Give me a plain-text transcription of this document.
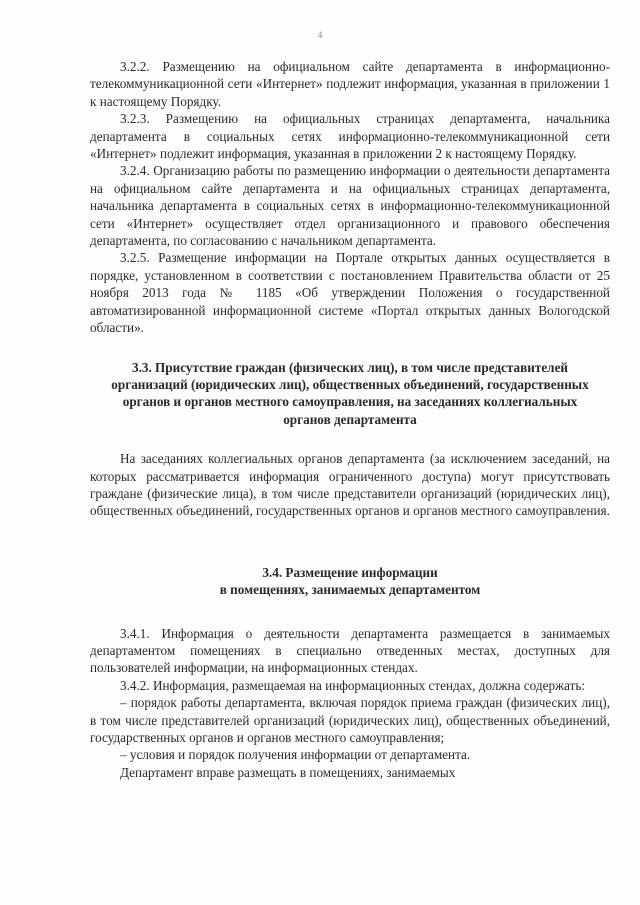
4

3.2.2. Размещению на официальном сайте департамента в информационно-телекоммуникационной сети «Интернет» подлежит информация, указанная в приложении 1 к настоящему Порядку.

3.2.3. Размещению на официальных страницах департамента, начальника департамента в социальных сетях информационно-телекоммуникационной сети «Интернет» подлежит информация, указанная в приложении 2 к настоящему Порядку.

3.2.4. Организацию работы по размещению информации о деятельности департамента на официальном сайте департамента и на официальных страницах департамента, начальника департамента в социальных сетях в информационно-телекоммуникационной сети «Интернет» осуществляет отдел организационного и правового обеспечения департамента, по согласованию с начальником департамента.

3.2.5. Размещение информации на Портале открытых данных осуществляется в порядке, установленном в соответствии с постановлением Правительства области от 25 ноября 2013 года № 1185 «Об утверждении Положения о государственной автоматизированной информационной системе «Портал открытых данных Вологодской области».

3.3. Присутствие граждан (физических лиц), в том числе представителей организаций (юридических лиц), общественных объединений, государственных органов и органов местного самоуправления, на заседаниях коллегиальных органов департамента

На заседаниях коллегиальных органов департамента (за исключением заседаний, на которых рассматривается информация ограниченного доступа) могут присутствовать граждане (физические лица), в том числе представители организаций (юридических лиц), общественных объединений, государственных органов и органов местного самоуправления.

3.4. Размещение информации

в помещениях, занимаемых департаментом

3.4.1. Информация о деятельности департамента размещается в занимаемых департаментом помещениях в специально отведенных местах, доступных для пользователей информации, на информационных стендах.

3.4.2. Информация, размещаемая на информационных стендах, должна содержать:

– порядок работы департамента, включая порядок приема граждан (физических лиц), в том числе представителей организаций (юридических лиц), общественных объединений, государственных органов и органов местного самоуправления;

– условия и порядок получения информации от департамента.

Департамент вправе размещать в помещениях, занимаемых
